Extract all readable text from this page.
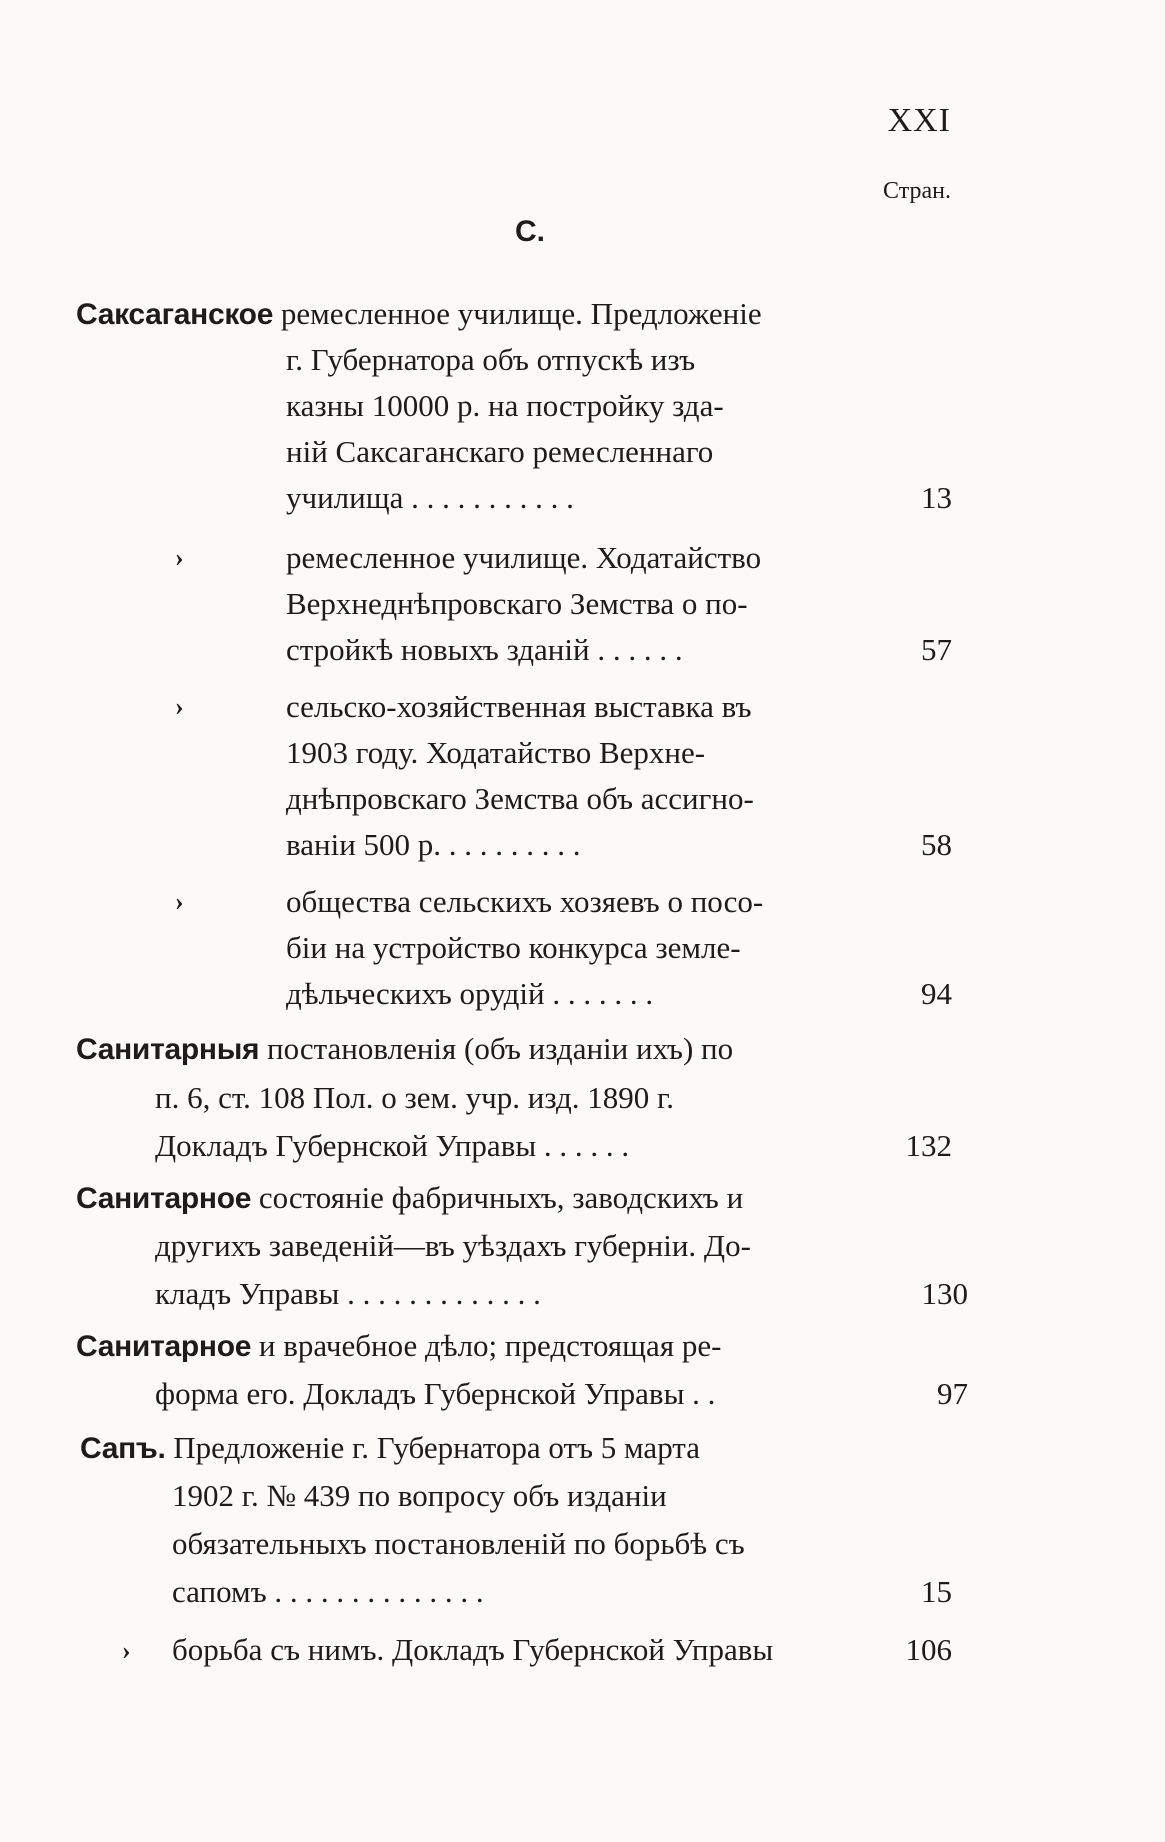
XXI
Стран.
С.
Саксаганское ремесленное училище. Предложеніе
г. Губернатора объ отпускѣ изъ
казны 10000 р. на постройку зда-
ній Саксаганскаго ремесленнаго
училища . . . . . . . . . . .	13
›	ремесленное училище. Ходатайство
Верхнеднѣпровскаго Земства о по-
стройкѣ новыхъ зданій . . . . . .	57
›	сельско-хозяйственная выставка въ
1903 году. Ходатайство Верхне-
днѣпровскаго Земства объ ассигно-
ваніи 500 р. . . . . . . . . .	58
›	общества сельскихъ хозяевъ о посо-
біи на устройство конкурса земле-
дѣльческихъ орудій . . . . . . .	94
Санитарныя постановленія (объ изданіи ихъ) по
п. 6, ст. 108 Пол. о зем. учр. изд. 1890 г.
Докладъ Губернской Управы . . . . . .	132
Санитарное состояніе фабричныхъ, заводскихъ и
другихъ заведеній—въ уѣздахъ губерніи. До-
кладъ Управы . . . . . . . . . . . . .	130
Санитарное и врачебное дѣло; предстоящая ре-
форма его. Докладъ Губернской Управы . .	97
Сапъ. Предложеніе г. Губернатора отъ 5 марта
1902 г. № 439 по вопросу объ изданіи
обязательныхъ постановленій по борьбѣ съ
сапомъ . . . . . . . . . . . . . .	15
› борьба съ нимъ. Докладъ Губернской Управы	106
